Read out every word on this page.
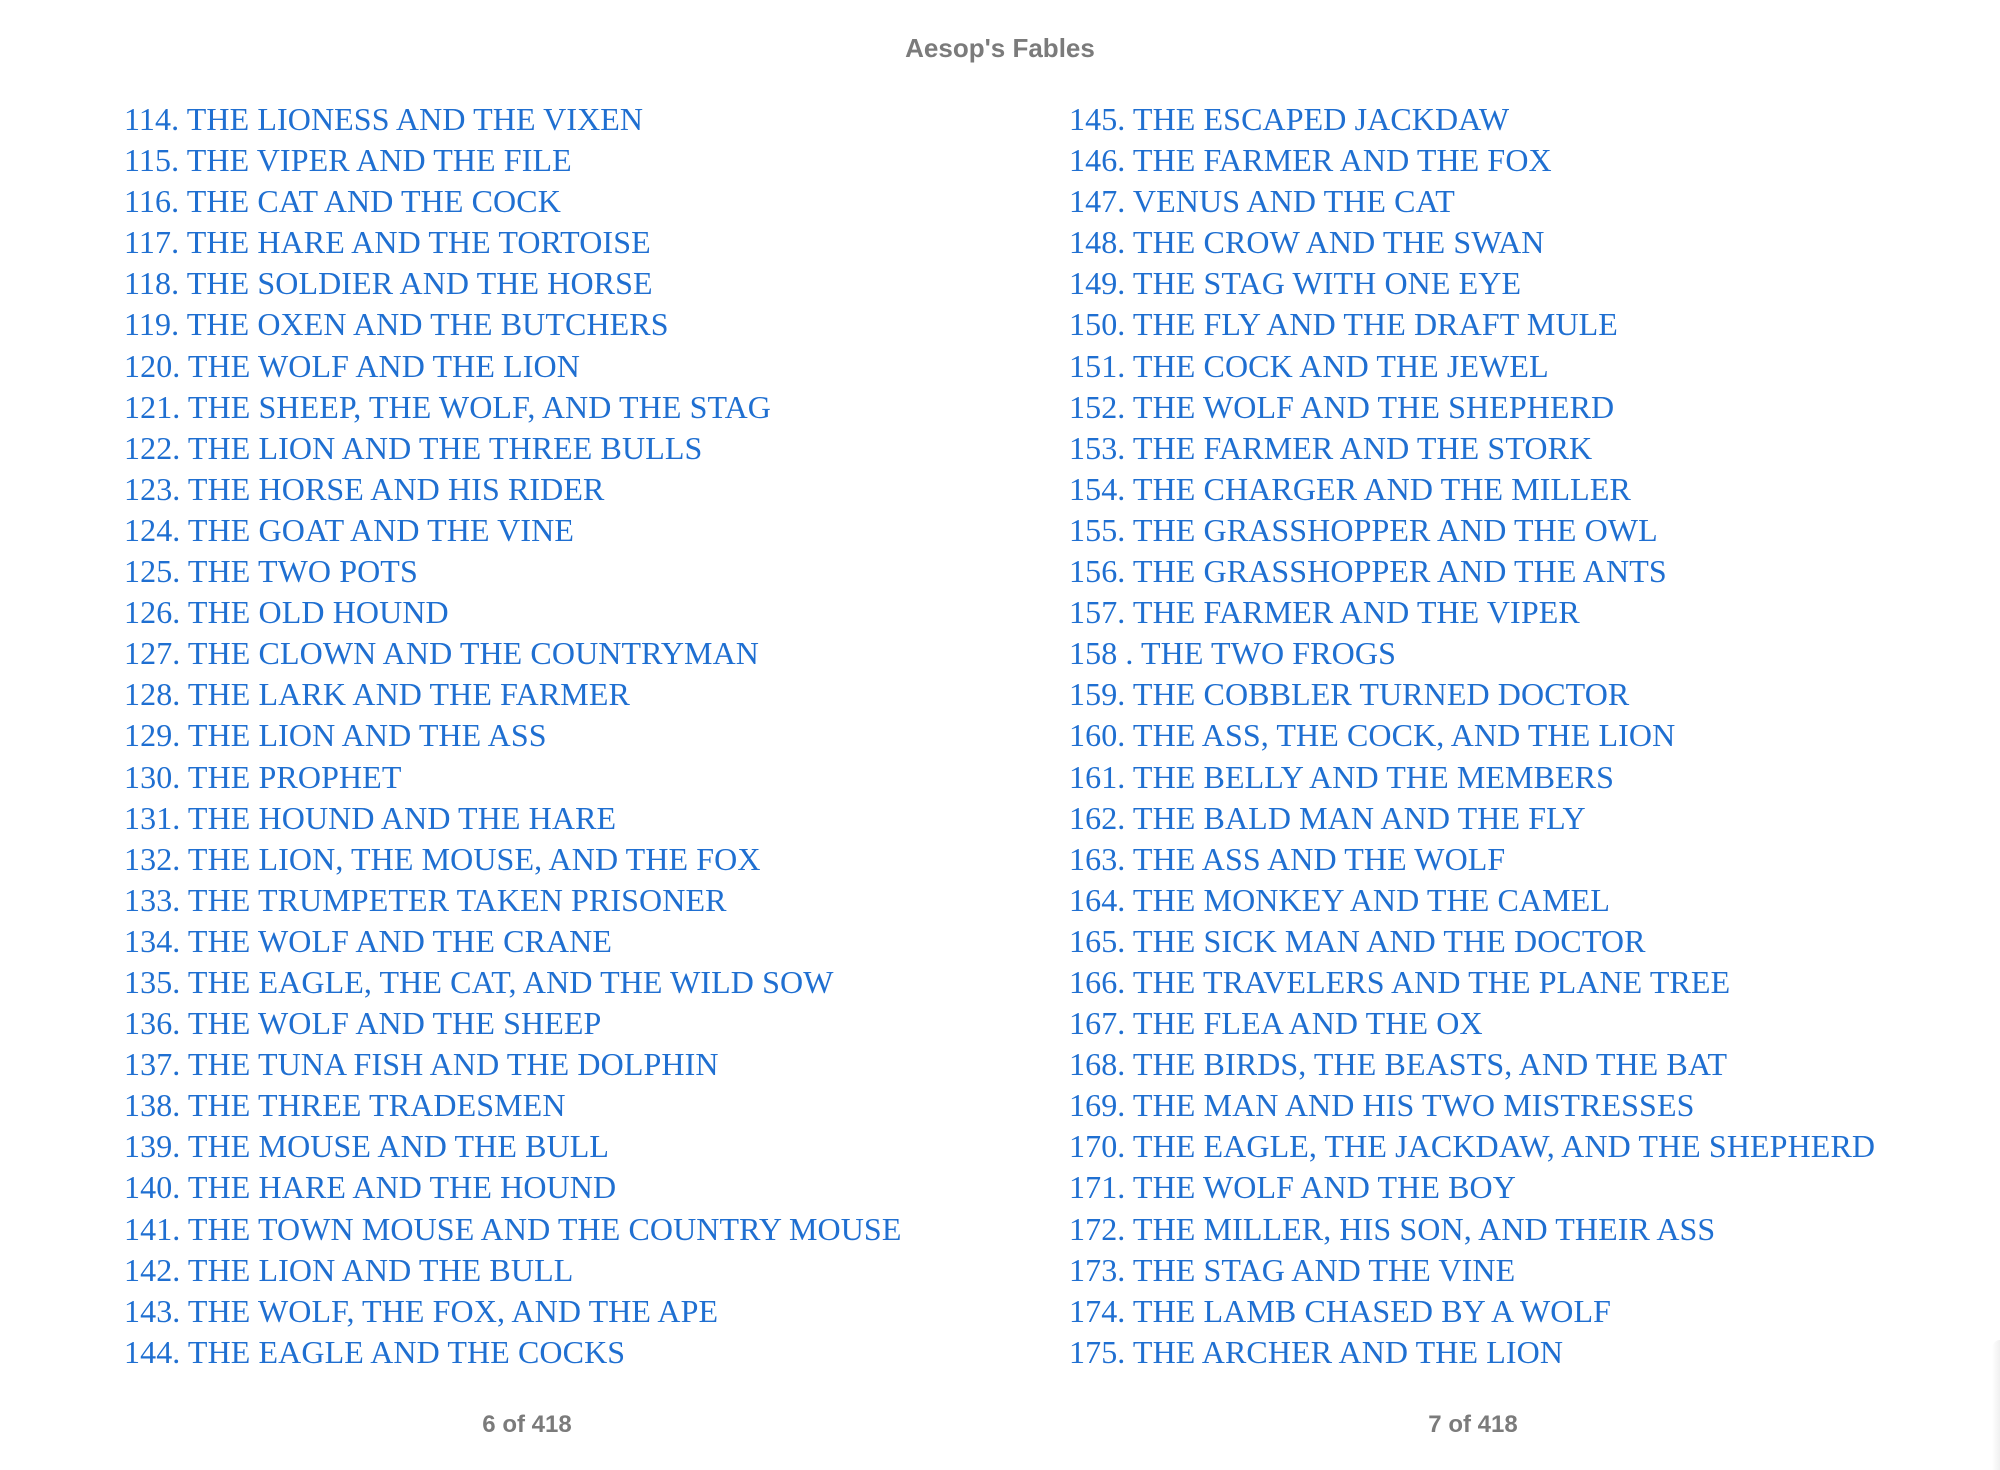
Aesop's Fables
114. THE LIONESS AND THE VIXEN
115. THE VIPER AND THE FILE
116. THE CAT AND THE COCK
117. THE HARE AND THE TORTOISE
118. THE SOLDIER AND THE HORSE
119. THE OXEN AND THE BUTCHERS
120. THE WOLF AND THE LION
121. THE SHEEP, THE WOLF, AND THE STAG
122. THE LION AND THE THREE BULLS
123. THE HORSE AND HIS RIDER
124. THE GOAT AND THE VINE
125. THE TWO POTS
126. THE OLD HOUND
127. THE CLOWN AND THE COUNTRYMAN
128. THE LARK AND THE FARMER
129. THE LION AND THE ASS
130. THE PROPHET
131. THE HOUND AND THE HARE
132. THE LION, THE MOUSE, AND THE FOX
133. THE TRUMPETER TAKEN PRISONER
134. THE WOLF AND THE CRANE
135. THE EAGLE, THE CAT, AND THE WILD SOW
136. THE WOLF AND THE SHEEP
137. THE TUNA FISH AND THE DOLPHIN
138. THE THREE TRADESMEN
139. THE MOUSE AND THE BULL
140. THE HARE AND THE HOUND
141. THE TOWN MOUSE AND THE COUNTRY MOUSE
142. THE LION AND THE BULL
143. THE WOLF, THE FOX, AND THE APE
144. THE EAGLE AND THE COCKS
145. THE ESCAPED JACKDAW
146. THE FARMER AND THE FOX
147. VENUS AND THE CAT
148. THE CROW AND THE SWAN
149. THE STAG WITH ONE EYE
150. THE FLY AND THE DRAFT MULE
151. THE COCK AND THE JEWEL
152. THE WOLF AND THE SHEPHERD
153. THE FARMER AND THE STORK
154. THE CHARGER AND THE MILLER
155. THE GRASSHOPPER AND THE OWL
156. THE GRASSHOPPER AND THE ANTS
157. THE FARMER AND THE VIPER
158 . THE TWO FROGS
159. THE COBBLER TURNED DOCTOR
160. THE ASS, THE COCK, AND THE LION
161. THE BELLY AND THE MEMBERS
162. THE BALD MAN AND THE FLY
163. THE ASS AND THE WOLF
164. THE MONKEY AND THE CAMEL
165. THE SICK MAN AND THE DOCTOR
166. THE TRAVELERS AND THE PLANE TREE
167. THE FLEA AND THE OX
168. THE BIRDS, THE BEASTS, AND THE BAT
169. THE MAN AND HIS TWO MISTRESSES
170. THE EAGLE, THE JACKDAW, AND THE SHEPHERD
171. THE WOLF AND THE BOY
172. THE MILLER, HIS SON, AND THEIR ASS
173. THE STAG AND THE VINE
174. THE LAMB CHASED BY A WOLF
175. THE ARCHER AND THE LION
6 of 418	7 of 418
